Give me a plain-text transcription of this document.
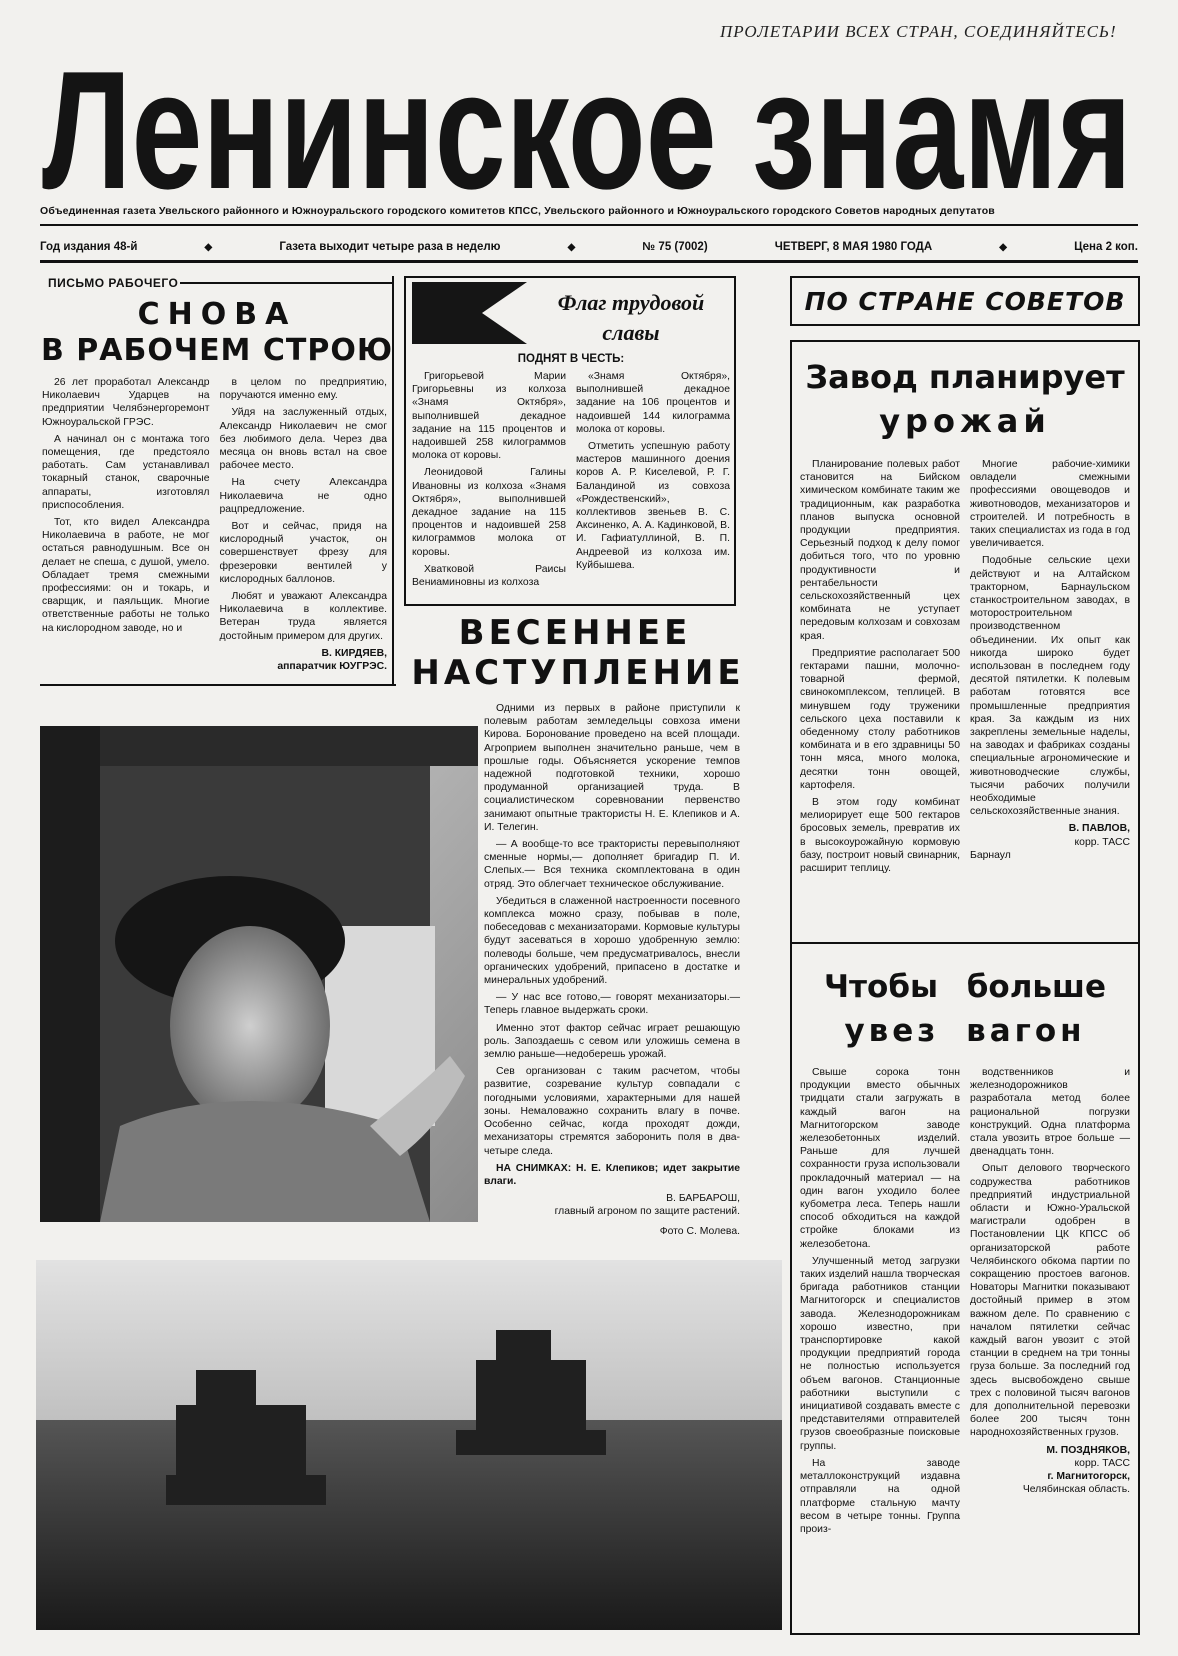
ПРОЛЕТАРИИ ВСЕХ СТРАН, СОЕДИНЯЙТЕСЬ!
Ленинское знамя
Объединенная газета Увельского районного и Южноуральского городского комитетов КПСС, Увельского районного и Южноуральского городского Советов народных депутатов
Год издания 48-й	◆	Газета выходит четыре раза в неделю	◆	№ 75 (7002)	ЧЕТВЕРГ, 8 МАЯ 1980 ГОДА	◆	Цена 2 коп.
ПИСЬМО РАБОЧЕГО
СНОВА
В РАБОЧЕМ СТРОЮ

26 лет проработал Александр Николаевич Ударцев на предприятии Челябэнергоремонт Южноуральской ГРЭС.

А начинал он с монтажа того помещения, где предстояло работать. Сам устанавливал токарный станок, сварочные аппараты, изготовлял приспособления.

Тот, кто видел Александра Николаевича в работе, не мог остаться равнодушным. Все он делает не спеша, с душой, умело. Обладает тремя смежными профессиями: он и токарь, и сварщик, и паяльщик. Многие ответственные работы не только на кислородном заводе, но и

в целом по предприятию, поручаются именно ему.

Уйдя на заслуженный отдых, Александр Николаевич не смог без любимого дела. Через два месяца он вновь встал на свое рабочее место.

На счету Александра Николаевича не одно рацпредложение.

Вот и сейчас, придя на кислородный участок, он совершенствует фрезу для фрезеровки вентилей у кислородных баллонов.

Любят и уважают Александра Николаевича в коллективе. Ветеран труда является достойным примером для других.

В. КИРДЯЕВ,
аппаратчик ЮУГРЭС.
Флаг трудовой
славы
ПОДНЯТ В ЧЕСТЬ:

Григорьевой Марии Григорьевны из колхоза «Знамя Октября», выполнившей декадное задание на 115 процентов и надоившей 258 килограммов молока от коровы.

Леонидовой Галины Ивановны из колхоза «Знамя Октября», выполнившей декадное задание на 115 процентов и надоившей 258 килограммов молока от коровы.

Хватковой Раисы Вениаминовны из колхоза

«Знамя Октября», выполнившей декадное задание на 106 процентов и надоившей 144 килограмма молока от коровы.

Отметить успешную работу мастеров машинного доения коров А. Р. Киселевой, Р. Г. Баландиной из совхоза «Рождественский», коллективов звеньев В. С. Аксиненко, А. А. Кадинковой, В. И. Гафиатуллиной, В. П. Андреевой из колхоза им. Куйбышева.

ВЕСЕННЕЕ
НАСТУПЛЕНИЕ

Одними из первых в районе приступили к полевым работам земледельцы совхоза имени Кирова. Боронование проведено на всей площади. Агроприем выполнен значительно раньше, чем в прошлые годы. Объясняется ускорение темпов надежной подготовкой техники, хорошо продуманной организацией труда. В социалистическом соревновании первенство занимают опытные трактористы Н. Е. Клепиков и А. И. Телегин.

— А вообще-то все трактористы перевыполняют сменные нормы,— дополняет бригадир П. И. Слепых.— Вся техника скомплектована в один отряд. Это облегчает техническое обслуживание.

Убедиться в слаженной настроенности посевного комплекса можно сразу, побывав в поле, побеседовав с механизаторами. Кормовые культуры будут засеваться в хорошо удобренную землю: полеводы больше, чем предусматривалось, внесли органических удобрений, припасено в достатке и минеральных удобрений.

— У нас все готово,— говорят механизаторы.— Теперь главное выдержать сроки.

Именно этот фактор сейчас играет решающую роль. Запоздаешь с севом или уложишь семена в землю раньше—недоберешь урожай.

Сев организован с таким расчетом, чтобы развитие, созревание культур совпадали с погодными условиями, характерными для нашей зоны. Немаловажно сохранить влагу в почве. Особенно сейчас, когда проходят дожди, механизаторы стремятся заборонить поля в два-четыре следа.

НА СНИМКАХ: Н. Е. Клепиков; идет закрытие влаги.

В. БАРБАРОШ,
главный агроном по защите растений.
Фото С. Молева.
ПО СТРАНЕ СОВЕТОВ
Завод планирует
урожай

Планирование полевых работ становится на Бийском химическом комбинате таким же традиционным, как разработка планов выпуска основной продукции предприятия. Серьезный подход к делу помог добиться того, что по уровню продуктивности и рентабельности сельскохозяйственный цех комбината не уступает передовым колхозам и совхозам края.

Предприятие располагает 500 гектарами пашни, молочно-товарной фермой, свинокомплексом, теплицей. В минувшем году труженики сельского цеха поставили к обеденному столу работников комбината и в его здравницы 50 тонн мяса, много молока, десятки тонн овощей, картофеля.

В этом году комбинат мелиорирует еще 500 гектаров бросовых земель, превратив их в высокоурожайную кормовую базу, построит новый свинарник, расширит теплицу.

Многие рабочие-химики овладели смежными профессиями овощеводов и животноводов, механизаторов и строителей. И потребность в таких специалистах из года в год увеличивается.

Подобные сельские цехи действуют и на Алтайском тракторном, Барнаульском станкостроительном заводах, в моторостроительном производственном объединении. Их опыт как никогда широко будет использован в последнем году десятой пятилетки. К полевым работам готовятся все промышленные предприятия края. За каждым из них закреплены земельные наделы, на заводах и фабриках созданы специальные агрономические и животноводческие службы, тысячи рабочих получили необходимые сельскохозяйственные знания.

В. ПАВЛОВ,
корр. ТАСС
Барнаул
Чтобы больше
увез вагон

Свыше сорока тонн продукции вместо обычных тридцати стали загружать в каждый вагон на Магнитогорском заводе железобетонных изделий. Раньше для лучшей сохранности груза использовали прокладочный материал — на один вагон уходило более кубометра леса. Теперь нашли способ обходиться на каждой стройке блоками из железобетона.

Улучшенный метод загрузки таких изделий нашла творческая бригада работников станции Магнитогорск и специалистов завода. Железнодорожникам хорошо известно, при транспортировке какой продукции предприятий города не полностью используется объем вагонов. Станционные работники выступили с инициативой создавать вместе с представителями отправителей грузов своеобразные поисковые группы.

На заводе металлоконструкций издавна отправляли на одной платформе стальную мачту весом в четыре тонны. Группа произ-

водственников и железнодорожников разработала метод более рациональной погрузки конструкций. Одна платформа стала увозить втрое больше — двенадцать тонн.

Опыт делового творческого содружества работников предприятий индустриальной области и Южно-Уральской магистрали одобрен в Постановлении ЦК КПСС об организаторской работе Челябинского обкома партии по сокращению простоев вагонов. Новаторы Магнитки показывают достойный пример в этом важном деле. По сравнению с началом пятилетки сейчас каждый вагон увозит с этой станции в среднем на три тонны груза больше. За последний год здесь высвобождено свыше трех с половиной тысяч вагонов для дополнительной перевозки более 200 тысяч тонн народнохозяйственных грузов.

М. ПОЗДНЯКОВ,
корр. ТАСС
г. Магнитогорск,
Челябинская область.
